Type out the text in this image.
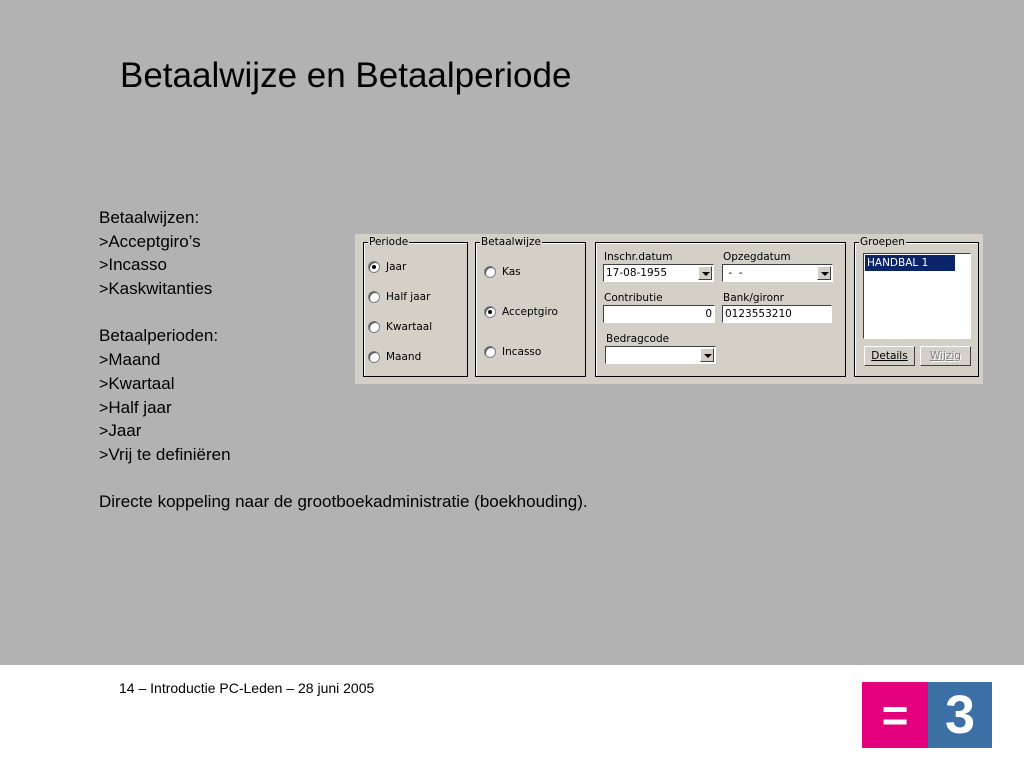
Betaalwijze en Betaalperiode
Betaalwijzen:
>Acceptgiro’s
>Incasso
>Kaskwitanties
Betaalperioden:
>Maand
>Kwartaal
>Half jaar
>Jaar
>Vrij te definiëren
Directe koppeling naar de grootboekadministratie (boekhouding).
Periode
Jaar
Half jaar
Kwartaal
Maand
Betaalwijze
Kas
Acceptgiro
Incasso
Inschr.datum
17-08-1955
Opzegdatum
-  -
Contributie
0
Bank/gironr
0123553210
Bedragcode
Groepen
HANDBAL 1
Details	Wijzig
14 – Introductie PC-Leden – 28 juni 2005
= 3
